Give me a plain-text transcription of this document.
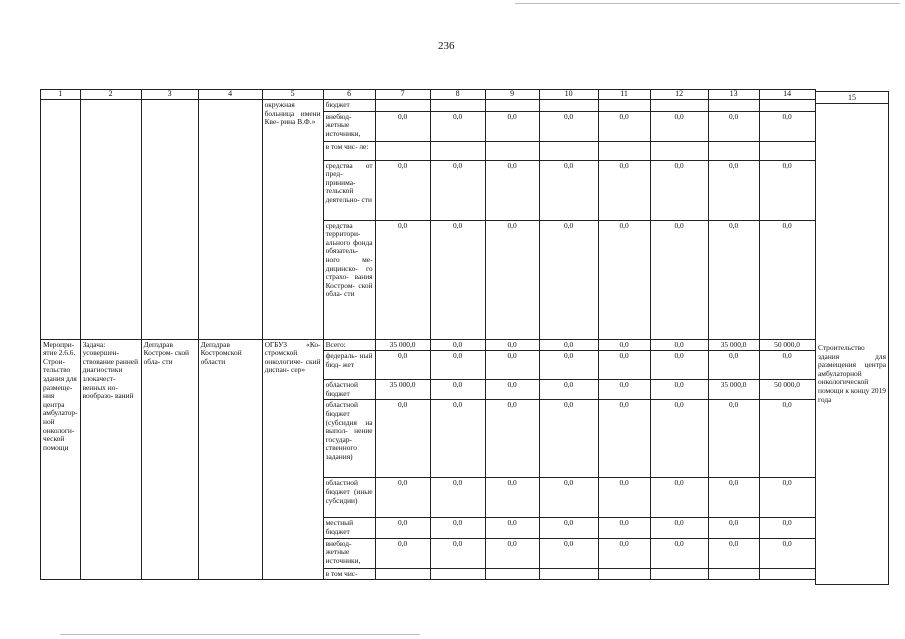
236
1	2	3	4	5	6	7	8	9	10	11	12	13	14
				окружная больница имени Кве- рина В.Ф.»	бюджет								
					внебюд- жетные источники,	0,0	0,0	0,0	0,0	0,0	0,0	0,0	0,0
					в том чис- ле:								
					средства от пред- принима- тельской деятельно- сти	0,0	0,0	0,0	0,0	0,0	0,0	0,0	0,0
					средства территори- ального фонда обязатель- ного ме- дицинско- го страхо- вания Костром- ской обла- сти	0,0	0,0	0,0	0,0	0,0	0,0	0,0	0,0
Меропри- ятие 2.6.6. Строи- тельство здания для размеще- ния центра амбулатор- ной онкологи- ческой помощи	Задача: усовершен- ствование ранней диагностики злокачест- венных но- вообразо- ваний	Депздрав Костром- ской обла- сти	Депздрав Костромской области	ОГБУЗ «Ко- стромской онкологиче- ский диспан- сер»	Всего:	35 000,0	0,0	0,0	0,0	0,0	0,0	35 000,0	50 000,0
					федераль- ный бюд- жет	0,0	0,0	0,0	0,0	0,0	0,0	0,0	0,0
					областной бюджет	35 000,0	0,0	0,0	0,0	0,0	0,0	35 000,0	50 000,0
					областной бюджет (субсидия на выпол- нение государ- ственного задания)	0,0	0,0	0,0	0,0	0,0	0,0	0,0	0,0
					областной бюджет (иные субсидии)	0,0	0,0	0,0	0,0	0,0	0,0	0,0	0,0
					местный бюджет	0,0	0,0	0,0	0,0	0,0	0,0	0,0	0,0
					внебюд- жетные источники,	0,0	0,0	0,0	0,0	0,0	0,0	0,0	0,0
					в том чис-								
15
Строительство здания для размещения центра амбулаторной онкологической помощи к концу 2019 года
